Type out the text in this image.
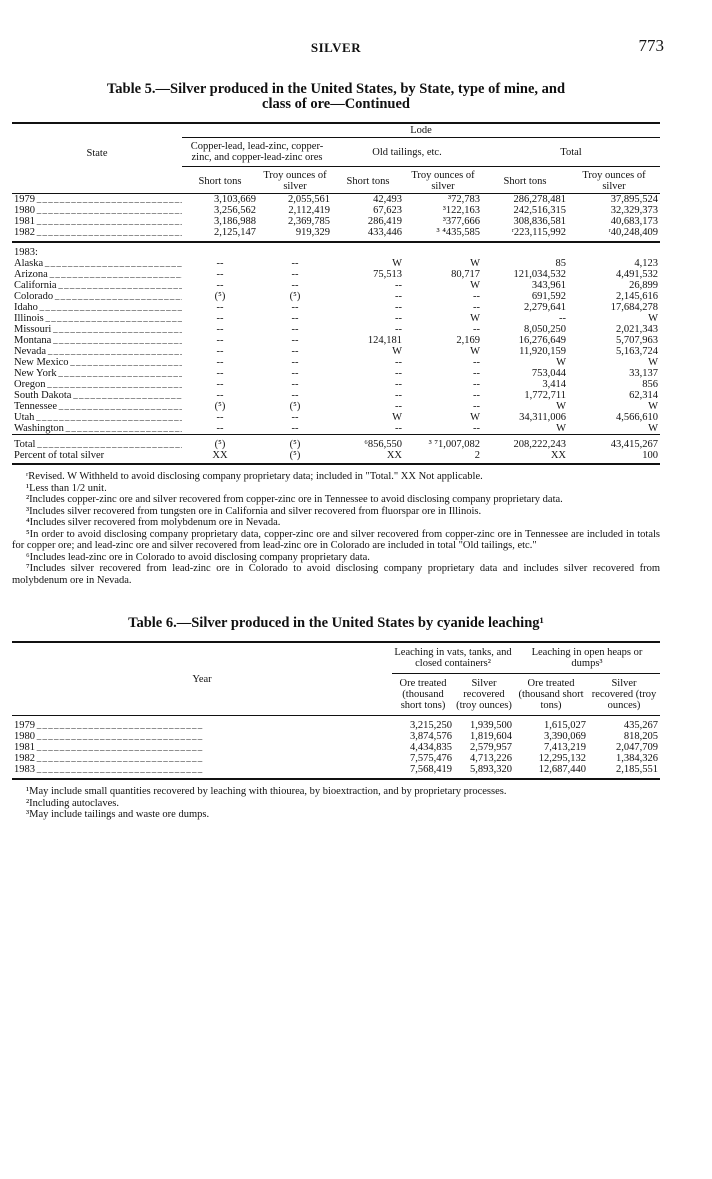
SILVER	773
Table 5.—Silver produced in the United States, by State, type of mine, and
class of ore—Continued
	Lode					
State	Copper-lead, lead-zinc, copper-zinc, and copper-lead-zinc ores		Old tailings, etc.		Total	

	Short tons	Troy ounces of silver	Short tons	Troy ounces of silver	Short tons	Troy ounces of silver
1979 _ _ _	3,103,669	2,055,561	42,493	³72,783	286,278,481	37,895,524
1980 _ _ _	3,256,562	2,112,419	67,623	³122,163	242,516,315	32,329,373
1981 _ _ _	3,186,988	2,369,785	286,419	³377,666	308,836,581	40,683,173
1982 _ _ _	2,125,147	919,329	433,446	³ ⁴435,585	ʳ223,115,992	ʳ40,248,409

1983:						
Alaska _ _ _	--	--	W	W	85	4,123
Arizona _ _ _	--	--	75,513	80,717	121,034,532	4,491,532
California _ _ _	--	--	--	W	343,961	26,899
Colorado _ _ _	(⁵)	(⁵)	--	--	691,592	2,145,616
Idaho _ _ _	--	--	--	--	2,279,641	17,684,278
Illinois _ _ _	--	--	--	W	--	W
Missouri _ _ _	--	--	--	--	8,050,250	2,021,343
Montana _ _ _	--	--	124,181	2,169	16,276,649	5,707,963
Nevada _ _ _	--	--	W	W	11,920,159	5,163,724
New Mexico _ _ _	--	--	--	--	W	W
New York _ _ _	--	--	--	--	753,044	33,137
Oregon _ _ _	--	--	--	--	3,414	856
South Dakota _ _ _	--	--	--	--	1,772,711	62,314
Tennessee _ _ _	(⁵)	(⁵)	--	--	W	W
Utah _ _ _	--	--	W	W	34,311,006	4,566,610
Washington _ _ _	--	--	--	--	W	W

Total _ _ _	(⁵)	(⁵)	⁶856,550	³ ⁷1,007,082	208,222,243	43,415,267
Percent of total silver	XX	(⁵)	XX	2	XX	100

ʳRevised. W Withheld to avoid disclosing company proprietary data; included in "Total." XX Not applicable.

¹Less than 1/2 unit.

²Includes copper-zinc ore and silver recovered from copper-zinc ore in Tennessee to avoid disclosing company proprietary data.

³Includes silver recovered from tungsten ore in California and silver recovered from fluorspar ore in Illinois.

⁴Includes silver recovered from molybdenum ore in Nevada.

⁵In order to avoid disclosing company proprietary data, copper-zinc ore and silver recovered from copper-zinc ore in Tennessee are included in totals for copper ore; and lead-zinc ore and silver recovered from lead-zinc ore in Colorado are included in total "Old tailings, etc."

⁶Includes lead-zinc ore in Colorado to avoid disclosing company proprietary data.

⁷Includes silver recovered from lead-zinc ore in Colorado to avoid disclosing company proprietary data and includes silver recovered from molybdenum ore in Nevada.

Table 6.—Silver produced in the United States by cyanide leaching¹
Year	Leaching in vats, tanks, and closed containers²		Leaching in open heaps or dumps³	
	Ore treated (thousand short tons)	Silver recovered (troy ounces)	Ore treated (thousand short tons)	Silver recovered (troy ounces)

1979 _ _ _	3,215,250	1,939,500	1,615,027	435,267
1980 _ _ _	3,874,576	1,819,604	3,390,069	818,205
1981 _ _ _	4,434,835	2,579,957	7,413,219	2,047,709
1982 _ _ _	7,575,476	4,713,226	12,295,132	1,384,326
1983 _ _ _	7,568,419	5,893,320	12,687,440	2,185,551

¹May include small quantities recovered by leaching with thiourea, by bioextraction, and by proprietary processes.

²Including autoclaves.

³May include tailings and waste ore dumps.
